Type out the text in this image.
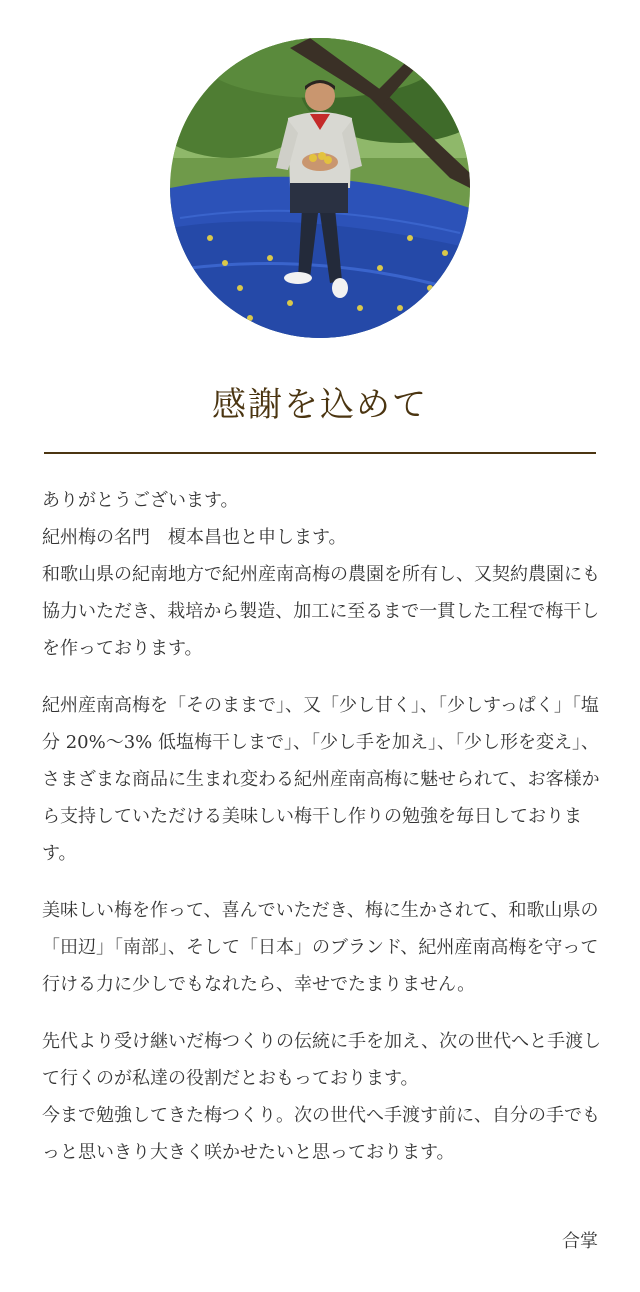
感謝を込めて

ありがとうございます。

紀州梅の名門　榎本昌也と申します。

和歌山県の紀南地方で紀州産南高梅の農園を所有し、又契約農園にも協力いただき、栽培から製造、加工に至るまで一貫した工程で梅干しを作っております。

紀州産南高梅を「そのままで」、又「少し甘く」、「少しすっぱく」「塩分 20%〜3% 低塩梅干しまで」、「少し手を加え」、「少し形を変え」、さまざまな商品に生まれ変わる紀州産南高梅に魅せられて、お客様から支持していただける美味しい梅干し作りの勉強を毎日しております。

美味しい梅を作って、喜んでいただき、梅に生かされて、和歌山県の「田辺」「南部」、そして「日本」のブランド、紀州産南高梅を守って行ける力に少しでもなれたら、幸せでたまりません。

先代より受け継いだ梅つくりの伝統に手を加え、次の世代へと手渡して行くのが私達の役割だとおもっております。

今まで勉強してきた梅つくり。次の世代へ手渡す前に、自分の手でもっと思いきり大きく咲かせたいと思っております。

合掌
